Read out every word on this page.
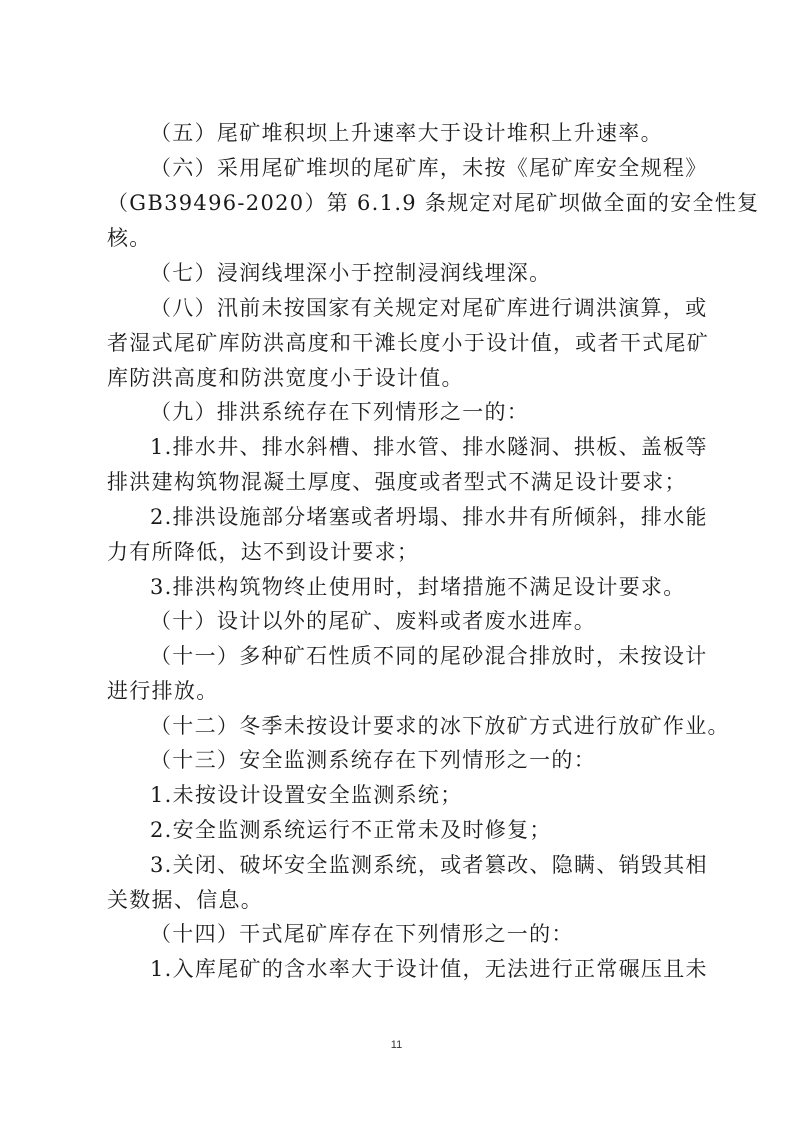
（五）尾矿堆积坝上升速率大于设计堆积上升速率。
（六）采用尾矿堆坝的尾矿库，未按《尾矿库安全规程》
（GB39496-2020）第 6.1.9 条规定对尾矿坝做全面的安全性复
核。
（七）浸润线埋深小于控制浸润线埋深。
（八）汛前未按国家有关规定对尾矿库进行调洪演算，或
者湿式尾矿库防洪高度和干滩长度小于设计值，或者干式尾矿
库防洪高度和防洪宽度小于设计值。
（九）排洪系统存在下列情形之一的：
1.排水井、排水斜槽、排水管、排水隧洞、拱板、盖板等
排洪建构筑物混凝土厚度、强度或者型式不满足设计要求；
2.排洪设施部分堵塞或者坍塌、排水井有所倾斜，排水能
力有所降低，达不到设计要求；
3.排洪构筑物终止使用时，封堵措施不满足设计要求。
（十）设计以外的尾矿、废料或者废水进库。
（十一）多种矿石性质不同的尾砂混合排放时，未按设计
进行排放。
（十二）冬季未按设计要求的冰下放矿方式进行放矿作业。
（十三）安全监测系统存在下列情形之一的：
1.未按设计设置安全监测系统；
2.安全监测系统运行不正常未及时修复；
3.关闭、破坏安全监测系统，或者篡改、隐瞒、销毁其相
关数据、信息。
（十四）干式尾矿库存在下列情形之一的：
1.入库尾矿的含水率大于设计值，无法进行正常碾压且未
11
